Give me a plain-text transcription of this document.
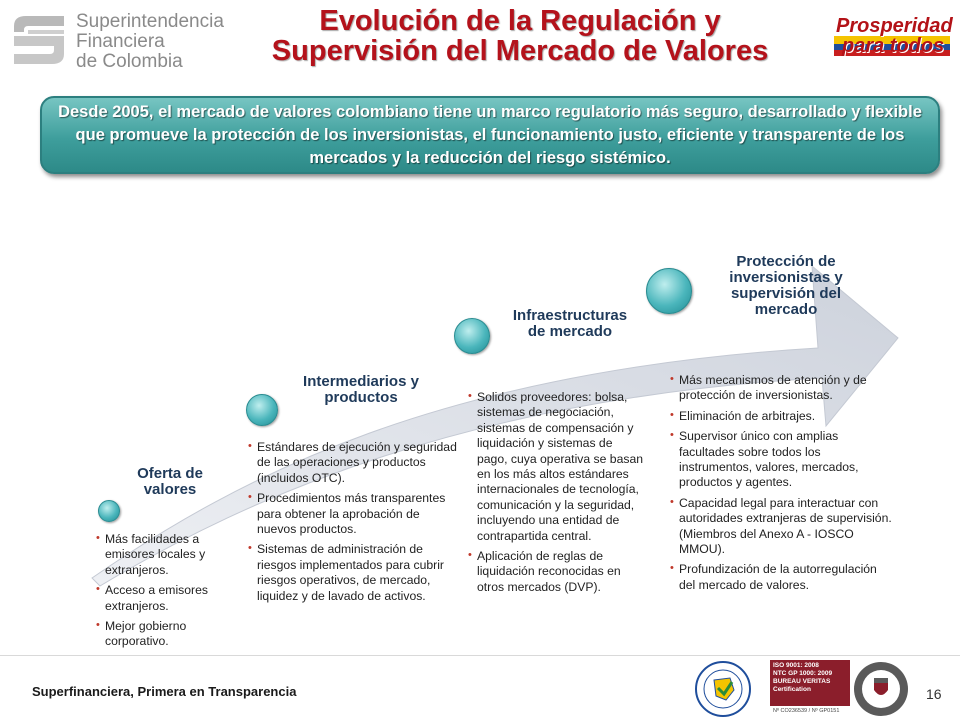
Superintendencia
Financiera
de Colombia
Evolución de la Regulación y
Supervisión del Mercado de Valores
Prosperidad
para todos
Desde 2005, el mercado de valores colombiano tiene un marco regulatorio más seguro, desarrollado y flexible que promueve la protección de los inversionistas, el funcionamiento justo, eficiente y transparente de los mercados y la reducción del riesgo sistémico.
Oferta de
valores
• Más facilidades a emisores locales y extranjeros.
• Acceso a emisores extranjeros.
• Mejor gobierno corporativo.
Intermediarios y
productos
• Estándares de ejecución y seguridad de las operaciones y productos (incluidos OTC).
• Procedimientos más transparentes para obtener la aprobación de nuevos productos.
• Sistemas de administración de riesgos implementados para cubrir riesgos operativos, de mercado, liquidez y de lavado de activos.
Infraestructuras
de mercado
• Solidos proveedores: bolsa, sistemas de negociación, sistemas de compensación y liquidación y sistemas de pago, cuya operativa se basan en los más altos estándares internacionales de tecnología, comunicación y la seguridad, incluyendo una entidad de contrapartida central.
• Aplicación de reglas de liquidación reconocidas en otros mercados (DVP).
Protección de
inversionistas y
supervisión del
mercado
• Más mecanismos de atención y de protección de inversionistas.
• Eliminación de arbitrajes.
• Supervisor único con amplias facultades sobre todos los instrumentos, valores, mercados, productos y agentes.
• Capacidad legal para interactuar con autoridades extranjeras de supervisión. (Miembros del Anexo A - IOSCO MMOU).
• Profundización de la autorregulación del mercado de valores.
Superfinanciera, Primera en Transparencia
ISO 9001: 2008
NTC GP 1000: 2009
BUREAU VERITAS
Certification
Nº CO236539 / Nº GP0151
16
